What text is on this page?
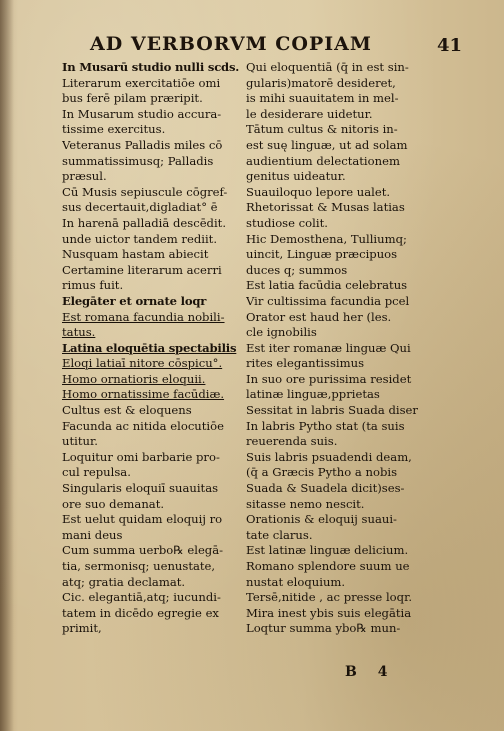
AD VERBORVM COPIAM	41
In Musarū studio nulli scds.
Literarum exercitatiōe omi
bus ferē pilam præripit.
In Musarum studio accura-
tissime exercitus.
Veteranus Palladis miles cō
summatissimusq; Palladis
præsul.
Cū Musis sepiuscule cōgref-
sus decertauit,digladiat° ē
In harenā palladiā descēdit.
unde uictor tandem rediit.
Nusquam hastam abiecit
Certamine literarum acerri
rimus fuit.
Elegāter et ornate loqr
Est romana facundia nobili-
tatus.
Latina eloquētia spectabilis
Eloqi latiaī nitore cōspicu°.
Homo ornatioris eloquii.
Homo ornatissime facūdiæ.
Cultus est & eloquens
Facunda ac nitida elocutiōe
utitur.
Loquitur omi barbarie pro-
cul repulsa.
Singularis eloquiī suauitas
ore suo demanat.
Est uelut quidam eloquij ro
mani deus
Cum summa uerbo℞ elegā-
tia, sermonisq; uenustate,
atq; gratia declamat.
Cic. elegantiā,atq; iucundi-
tatem in dicēdo egregie ex
primit,
Qui eloquentiā (q̄ in est sin-
gularis)matorē desideret,
is mihi suauitatem in mel-
le desiderare uidetur.
Tātum cultus & nitoris in-
est suę linguæ, ut ad solam
audientium delectationem
genitus uideatur.
Suauiloquo lepore ualet.
Rhetorissat & Musas latias
studiose colit.
Hic Demosthena, Tulliumq;
uincit, Linguæ præcipuos
duces q; summos
Est latia facūdia celebratus
Vir cultissima facundia pcel
Orator est haud her (les.
cle ignobilis
Est iter romanæ linguæ Qui
rites elegantissimus
In suo ore purissima residet
latinæ linguæ,pprietas
Sessitat in labris Suada diser
In labris Pytho stat (ta suis
reuerenda suis.
Suis labris psuadendi deam,
(q̄ a Græcis Pytho a nobis
Suada & Suadela dicit)ses-
sitasse nemo nescit.
Orationis & eloquij suaui-
tate clarus.
Est latinæ linguæ delicium.
Romano splendore suum ue
nustat eloquium.
Tersē,nitide , ac presse loqr.
Mira inest ybis suis elegātia
Loqtur summa ybo℞ mun-
B 4
